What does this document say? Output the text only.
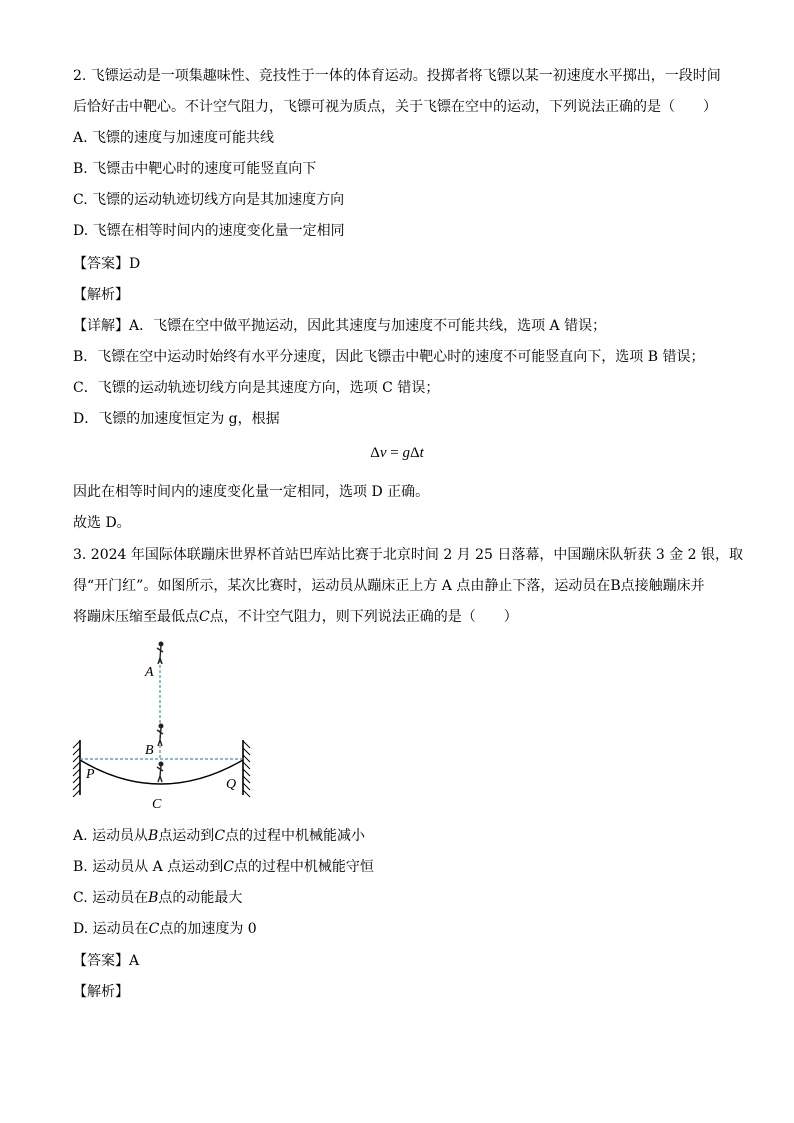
2. 飞镖运动是一项集趣味性、竞技性于一体的体育运动。投掷者将飞镖以某一初速度水平掷出，一段时间
后恰好击中靶心。不计空气阻力，飞镖可视为质点，关于飞镖在空中的运动，下列说法正确的是（　　）
A. 飞镖的速度与加速度可能共线
B. 飞镖击中靶心时的速度可能竖直向下
C. 飞镖的运动轨迹切线方向是其加速度方向
D. 飞镖在相等时间内的速度变化量一定相同
【答案】D
【解析】
【详解】A．飞镖在空中做平抛运动，因此其速度与加速度不可能共线，选项 A 错误；
B．飞镖在空中运动时始终有水平分速度，因此飞镖击中靶心时的速度不可能竖直向下，选项 B 错误；
C．飞镖的运动轨迹切线方向是其速度方向，选项 C 错误；
D．飞镖的加速度恒定为 g，根据
Δv = gΔt
因此在相等时间内的速度变化量一定相同，选项 D 正确。
故选 D。
3. 2024 年国际体联蹦床世界杯首站巴库站比赛于北京时间 2 月 25 日落幕，中国蹦床队斩获 3 金 2 银，取
得“开门红”。如图所示，某次比赛时，运动员从蹦床正上方 A 点由静止下落，运动员在B点接触蹦床并
将蹦床压缩至最低点C点，不计空气阻力，则下列说法正确的是（　　）
A
B
P
Q
C
A. 运动员从B点运动到C点的过程中机械能减小
B. 运动员从 A 点运动到C点的过程中机械能守恒
C. 运动员在B点的动能最大
D. 运动员在C点的加速度为 0
【答案】A
【解析】
